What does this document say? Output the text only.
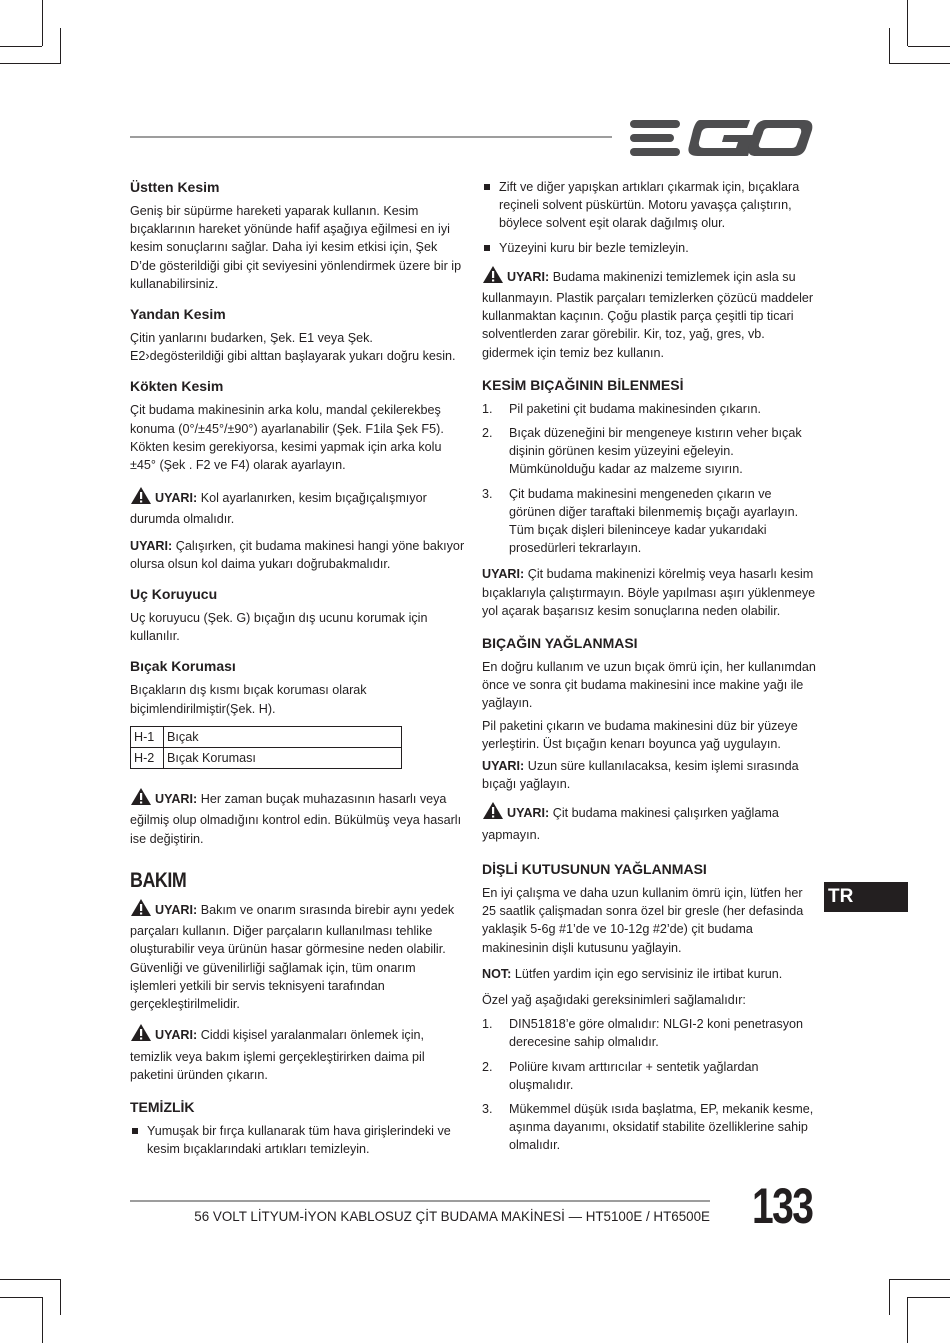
Üstten Kesim

Geniş bir süpürme hareketi yaparak kullanın. Kesim bıçaklarının hareket yönünde hafif aşağıya eğilmesi en iyi kesim sonuçlarını sağlar. Daha iyi kesim etkisi için, Şek D’de gösterildiği gibi çit seviyesini yönlendirmek üzere bir ip kullanabilirsiniz.

Yandan Kesim

Çitin yanlarını budarken, Şek. E1 veya Şek. E2›degösterildiği gibi alttan başlayarak yukarı doğru kesin.

Kökten Kesim

Çit budama makinesinin arka kolu, mandal çekilerekbeş konuma (0°/±45°/±90°) ayarlanabilir (Şek. F1ila Şek F5). Kökten kesim gerekiyorsa, kesimi yapmak için arka kolu ±45° (Şek . F2 ve F4) olarak ayarlayın.

UYARI: Kol ayarlanırken, kesim bıçağıçalışmıyor durumda olmalıdır.

UYARI: Çalışırken, çit budama makinesi hangi yöne bakıyor olursa olsun kol daima yukarı doğrubakmalıdır.

Uç Koruyucu

Uç koruyucu (Şek. G) bıçağın dış ucunu korumak için kullanılır.

Bıçak Koruması

Bıçakların dış kısmı bıçak koruması olarak biçimlendirilmiştir(Şek. H).

H-1	Bıçak
H-2	Bıçak Koruması

UYARI: Her zaman buçak muhazasının hasarlı veya eğilmiş olup olmadığını kontrol edin. Bükülmüş veya hasarlı ise değiştirin.

BAKIM

UYARI: Bakım ve onarım sırasında birebir aynı yedek parçaları kullanın. Diğer parçaların kullanılması tehlike oluşturabilir veya ürünün hasar görmesine neden olabilir. Güvenliği ve güvenilirliği sağlamak için, tüm onarım işlemleri yetkili bir servis teknisyeni tarafından gerçekleştirilmelidir.

UYARI: Ciddi kişisel yaralanmaları önlemek için, temizlik veya bakım işlemi gerçekleştirirken daima pil paketini üründen çıkarın.

TEMİZLİK
Yumuşak bir fırça kullanarak tüm hava girişlerindeki ve kesim bıçaklarındaki artıkları temizleyin.
Zift ve diğer yapışkan artıkları çıkarmak için, bıçaklara reçineli solvent püskürtün. Motoru yavaşça çalıştırın, böylece solvent eşit olarak dağılmış olur.
Yüzeyini kuru bir bezle temizleyin.

UYARI: Budama makinenizi temizlemek için asla su kullanmayın. Plastik parçaları temizlerken çözücü maddeler kullanmaktan kaçının. Çoğu plastik parça çeşitli tip ticari solventlerden zarar görebilir. Kir, toz, yağ, gres, vb. gidermek için temiz bez kullanın.

KESİM BIÇAĞININ BİLENMESİ
1. Pil paketini çit budama makinesinden çıkarın.
2. Bıçak düzeneğini bir mengeneye kıstırın veher bıçak dişinin görünen kesim yüzeyini eğeleyin. Mümkünolduğu kadar az malzeme sıyırın.
3. Çit budama makinesini mengeneden çıkarın ve görünen diğer taraftaki bilenmemiş bıçağı ayarlayın. Tüm bıçak dişleri bileninceye kadar yukarıdaki prosedürleri tekrarlayın.

UYARI: Çit budama makinenizi körelmiş veya hasarlı kesim bıçaklarıyla çalıştırmayın. Böyle yapılması aşırı yüklenmeye yol açarak başarısız kesim sonuçlarına neden olabilir.

BIÇAĞIN YAĞLANMASI

En doğru kullanım ve uzun bıçak ömrü için, her kullanımdan önce ve sonra çit budama makinesini ince makine yağı ile yağlayın.

Pil paketini çıkarın ve budama makinesini düz bir yüzeye yerleştirin. Üst bıçağın kenarı boyunca yağ uygulayın.

UYARI: Uzun süre kullanılacaksa, kesim işlemi sırasında bıçağı yağlayın.

UYARI: Çit budama makinesi çalışırken yağlama yapmayın.

DİŞLİ KUTUSUNUN YAĞLANMASI

En iyi çalışma ve daha uzun kullanim ömrü için, lütfen her 25 saatlik çalişmadan sonra özel bir gresle (her defasinda yaklaşik 5-6g #1’de ve 10-12g #2’de) çit budama makinesinin dişli kutusunu yağlayin.

NOT: Lütfen yardim için ego servisiniz ile irtibat kurun.

Özel yağ aşağıdaki gereksinimleri sağlamalıdır:

1. DIN51818’e göre olmalıdır: NLGI-2 koni penetrasyon derecesine sahip olmalıdır.
2. Poliüre kıvam arttırıcılar + sentetik yağlardan oluşmalıdır.
3. Mükemmel düşük ısıda başlatma, EP, mekanik kesme, aşınma dayanımı, oksidatif stabilite özelliklerine sahip olmalıdır.
TR
56 VOLT LİTYUM-İYON KABLOSUZ ÇİT BUDAMA MAKİNESİ — HT5100E / HT6500E 133
